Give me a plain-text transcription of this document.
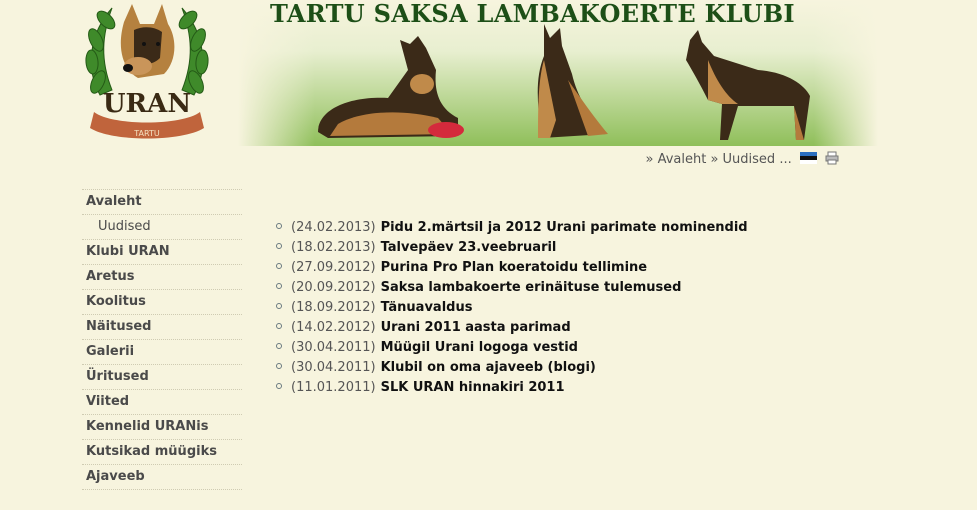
URAN
TARTU
TARTU SAKSA LAMBAKOERTE KLUBI
» Avaleht » Uudised ...

Avaleht
Uudised
Klubi URAN
Aretus
Koolitus
Näitused
Galerii
Üritused
Viited
Kennelid URANis
Kutsikad müügiks
Ajaveeb
(24.02.2013) Pidu 2.märtsil ja 2012 Urani parimate nominendid
(18.02.2013) Talvepäev 23.veebruaril
(27.09.2012) Purina Pro Plan koeratoidu tellimine
(20.09.2012) Saksa lambakoerte erinäituse tulemused
(18.09.2012) Tänuavaldus
(14.02.2012) Urani 2011 aasta parimad
(30.04.2011) Müügil Urani logoga vestid
(30.04.2011) Klubil on oma ajaveeb (blogi)
(11.01.2011) SLK URAN hinnakiri 2011
